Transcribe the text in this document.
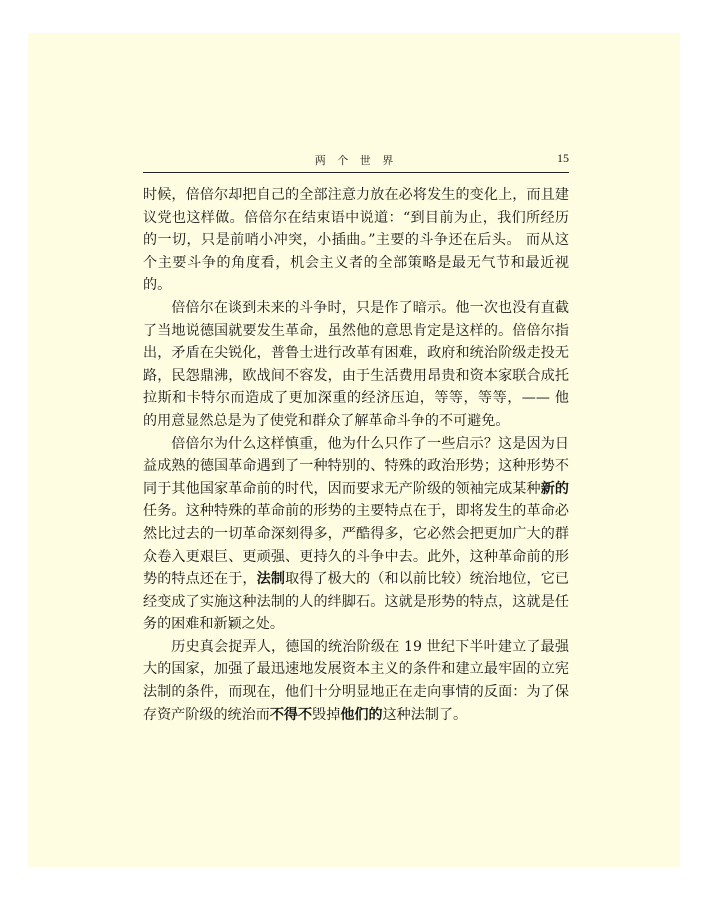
两 个 世 界	15

时候，倍倍尔却把自己的全部注意力放在必将发生的变化上，而且建议党也这样做。倍倍尔在结束语中说道：“到目前为止，我们所经历的一切，只是前哨小冲突，小插曲。”主要的斗争还在后头。 而从这个主要斗争的角度看，机会主义者的全部策略是最无气节和最近视的。

倍倍尔在谈到未来的斗争时，只是作了暗示。他一次也没有直截了当地说德国就要发生革命，虽然他的意思肯定是这样的。倍倍尔指出，矛盾在尖锐化，普鲁士进行改革有困难，政府和统治阶级走投无路，民怨鼎沸，欧战间不容发，由于生活费用昂贵和资本家联合成托拉斯和卡特尔而造成了更加深重的经济压迫，等等，等等，—— 他的用意显然总是为了使党和群众了解革命斗争的不可避免。

倍倍尔为什么这样慎重，他为什么只作了一些启示？这是因为日益成熟的德国革命遇到了一种特别的、特殊的政治形势；这种形势不同于其他国家革命前的时代，因而要求无产阶级的领袖完成某种新的任务。这种特殊的革命前的形势的主要特点在于，即将发生的革命必然比过去的一切革命深刻得多，严酷得多，它必然会把更加广大的群众卷入更艰巨、更顽强、更持久的斗争中去。此外，这种革命前的形势的特点还在于，法制取得了极大的（和以前比较）统治地位，它已经变成了实施这种法制的人的绊脚石。这就是形势的特点，这就是任务的困难和新颖之处。

历史真会捉弄人，德国的统治阶级在 19 世纪下半叶建立了最强大的国家，加强了最迅速地发展资本主义的条件和建立最牢固的立宪法制的条件，而现在，他们十分明显地正在走向事情的反面：为了保存资产阶级的统治而不得不毁掉他们的这种法制了。
